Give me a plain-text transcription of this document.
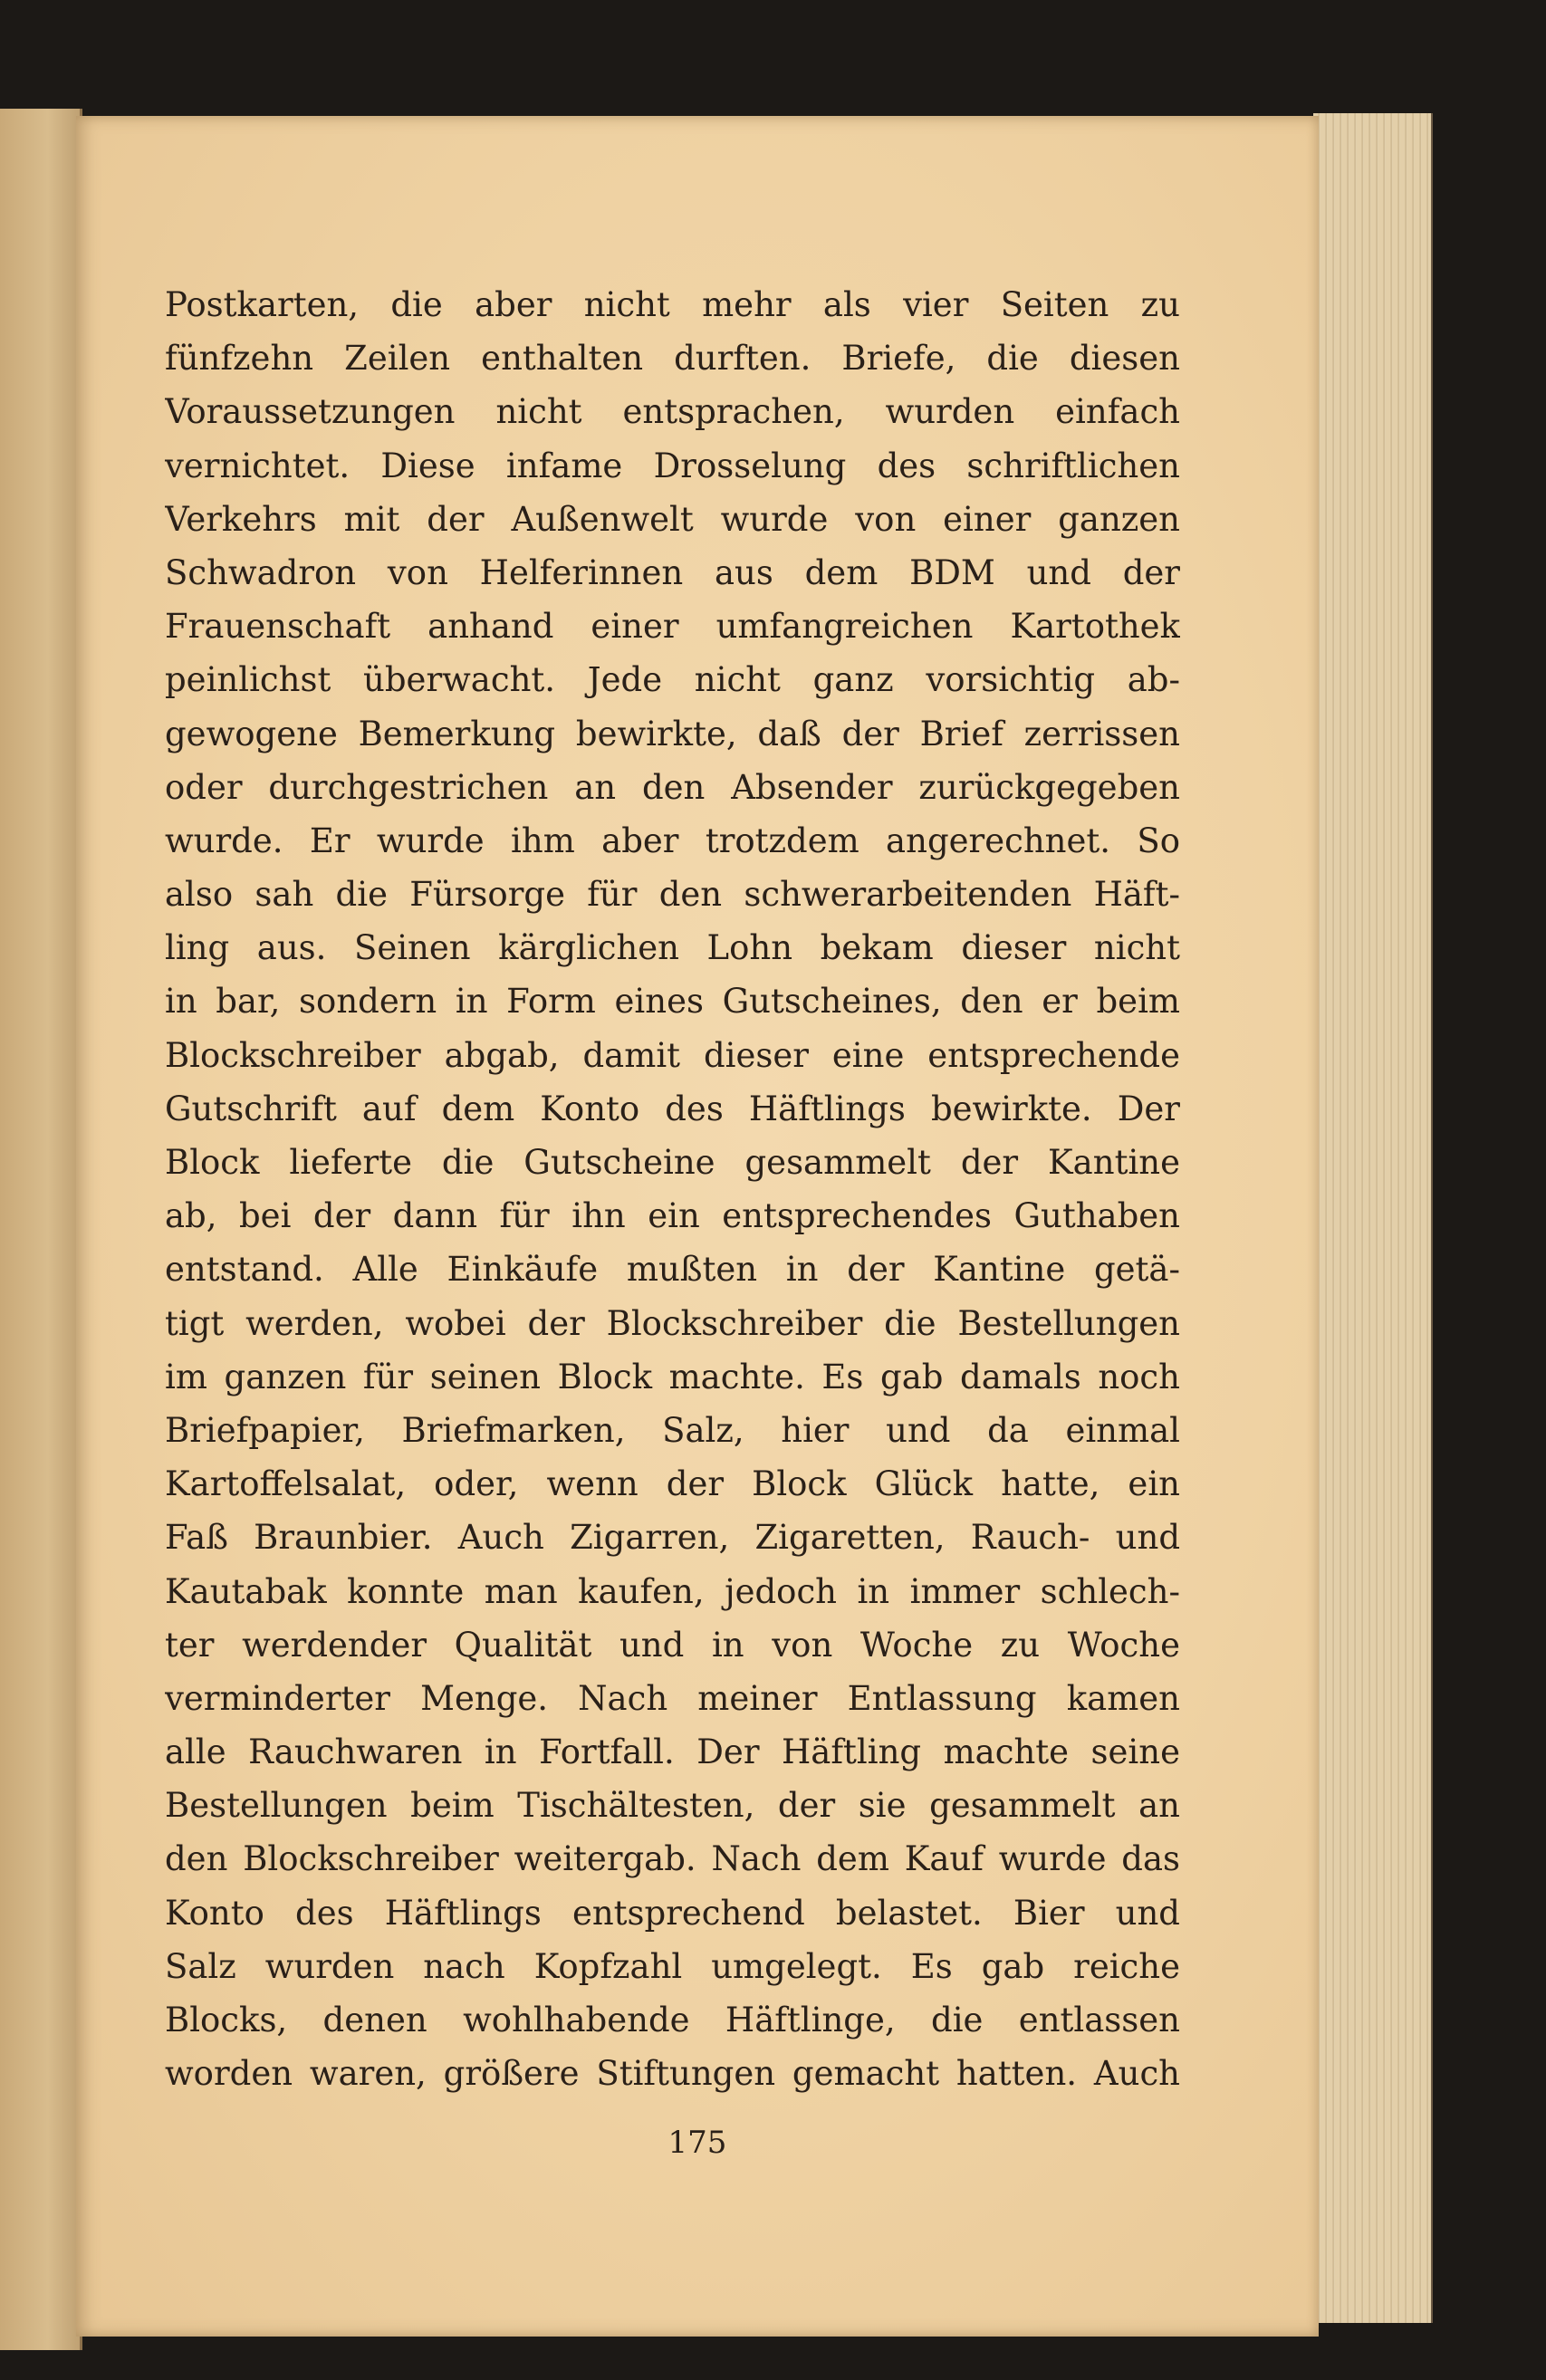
Postkarten, die aber nicht mehr als vier Seiten zu
fünfzehn Zeilen enthalten durften. Briefe, die diesen
Voraussetzungen nicht entsprachen, wurden einfach
vernichtet. Diese infame Drosselung des schriftlichen
Verkehrs mit der Außenwelt wurde von einer ganzen
Schwadron von Helferinnen aus dem BDM und der
Frauenschaft anhand einer umfangreichen Kartothek
peinlichst überwacht. Jede nicht ganz vorsichtig ab-
gewogene Bemerkung bewirkte, daß der Brief zerrissen
oder durchgestrichen an den Absender zurückgegeben
wurde. Er wurde ihm aber trotzdem angerechnet. So
also sah die Fürsorge für den schwerarbeitenden Häft-
ling aus. Seinen kärglichen Lohn bekam dieser nicht
in bar, sondern in Form eines Gutscheines, den er beim
Blockschreiber abgab, damit dieser eine entsprechende
Gutschrift auf dem Konto des Häftlings bewirkte. Der
Block lieferte die Gutscheine gesammelt der Kantine
ab, bei der dann für ihn ein entsprechendes Guthaben
entstand. Alle Einkäufe mußten in der Kantine getä-
tigt werden, wobei der Blockschreiber die Bestellungen
im ganzen für seinen Block machte. Es gab damals noch
Briefpapier, Briefmarken, Salz, hier und da einmal
Kartoffelsalat, oder, wenn der Block Glück hatte, ein
Faß Braunbier. Auch Zigarren, Zigaretten, Rauch- und
Kautabak konnte man kaufen, jedoch in immer schlech-
ter werdender Qualität und in von Woche zu Woche
verminderter Menge. Nach meiner Entlassung kamen
alle Rauchwaren in Fortfall. Der Häftling machte seine
Bestellungen beim Tischältesten, der sie gesammelt an
den Blockschreiber weitergab. Nach dem Kauf wurde das
Konto des Häftlings entsprechend belastet. Bier und
Salz wurden nach Kopfzahl umgelegt. Es gab reiche
Blocks, denen wohlhabende Häftlinge, die entlassen
worden waren, größere Stiftungen gemacht hatten. Auch
175
